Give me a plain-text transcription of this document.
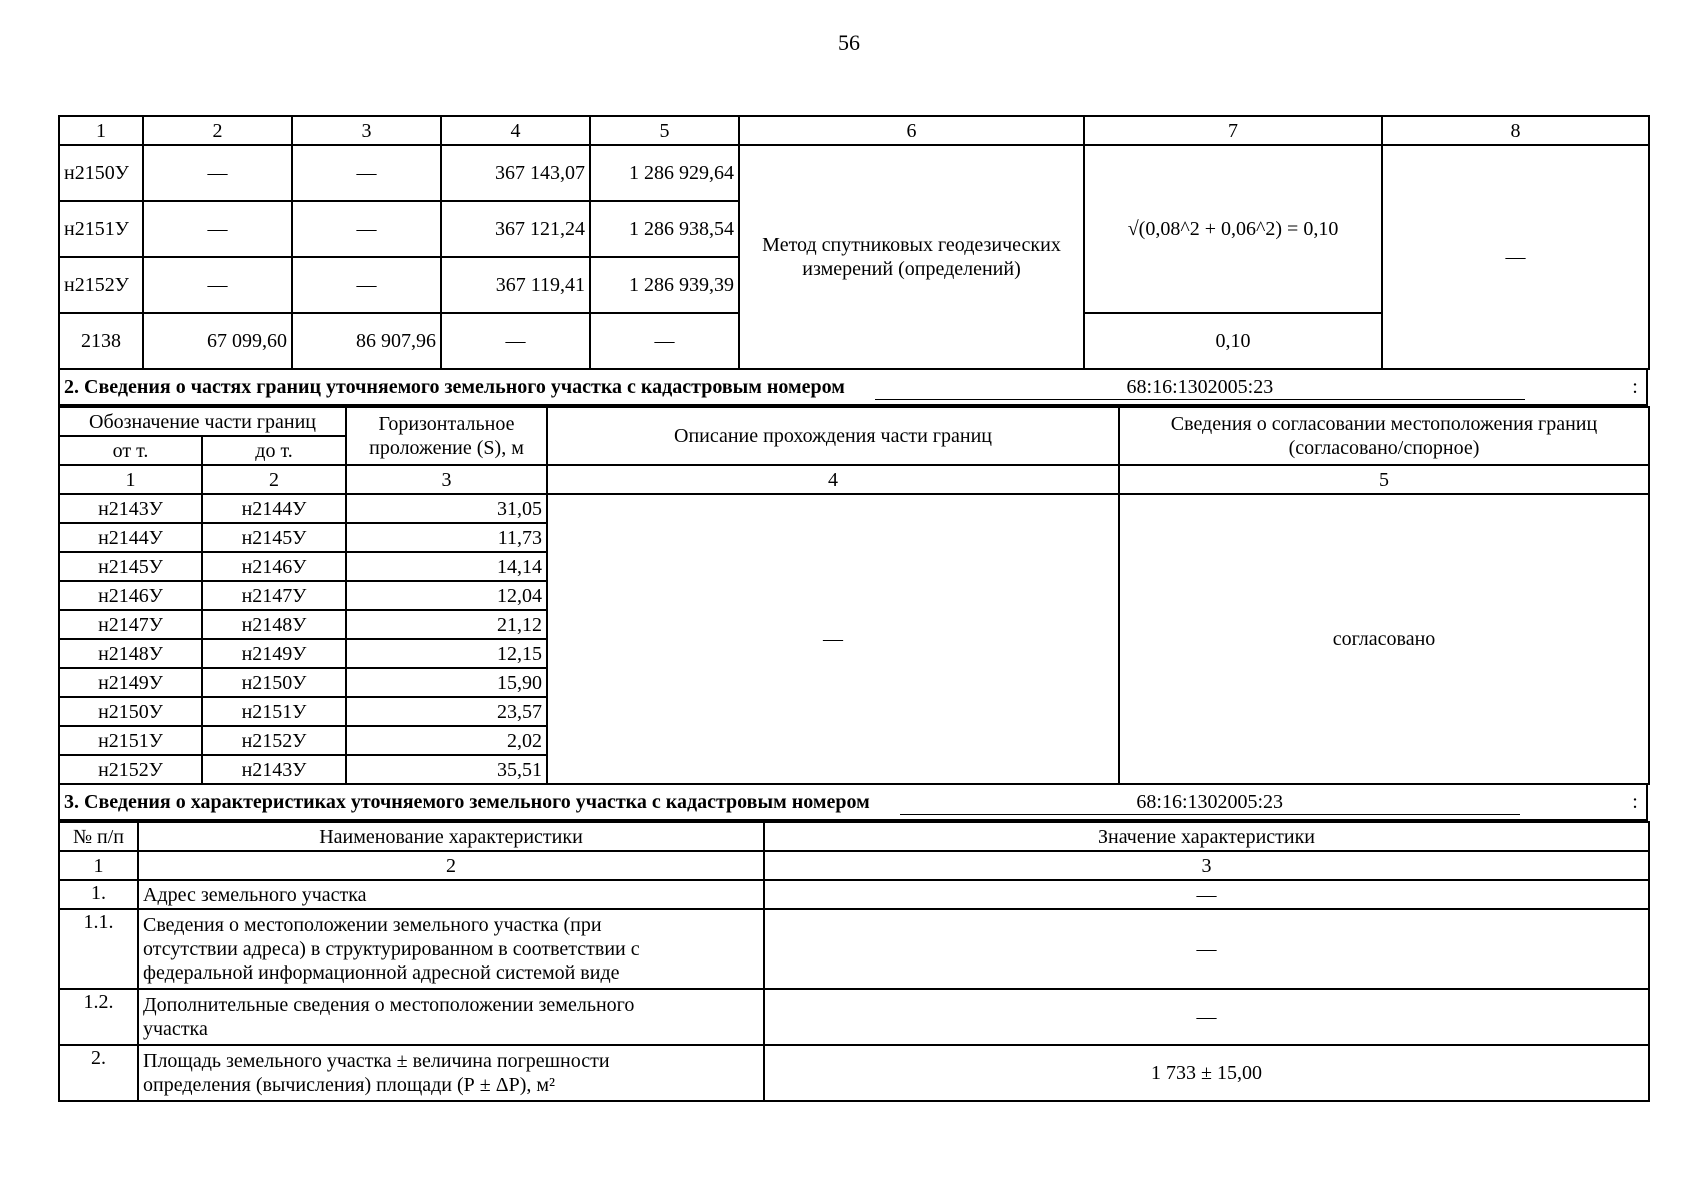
56
1	2	3	4	5	6	7	8
н2150У	—	—	367 143,07	1 286 929,64	Метод спутниковых геодезических измерений (определений)	√(0,08^2 + 0,06^2) = 0,10	—
н2151У	—	—	367 121,24	1 286 938,54			
н2152У	—	—	367 119,41	1 286 939,39			
2138	67 099,60	86 907,96	—	—		0,10	
2. Сведения о частях границ уточняемого земельного участка с кадастровым номером	68:16:1302005:23	:
Обозначение части границ		Горизонтальное проложение (S), м	Описание прохождения части границ	Сведения о согласовании местоположения границ (согласовано/спорное)
от т.	до т.			
1	2	3	4	5
н2143У	н2144У	31,05	—	согласовано
н2144У	н2145У	11,73		
н2145У	н2146У	14,14		
н2146У	н2147У	12,04		
н2147У	н2148У	21,12		
н2148У	н2149У	12,15		
н2149У	н2150У	15,90		
н2150У	н2151У	23,57		
н2151У	н2152У	2,02		
н2152У	н2143У	35,51		
3. Сведения о характеристиках уточняемого земельного участка с кадастровым номером	68:16:1302005:23	:
№ п/п	Наименование характеристики	Значение характеристики
1	2	3
1.	Адрес земельного участка	—
1.1.	Сведения о местоположении земельного участка (при
отсутствии адреса) в структурированном в соответствии с
федеральной информационной адресной системой виде	—
1.2.	Дополнительные сведения о местоположении земельного
участка	—
2.	Площадь земельного участка ± величина погрешности
определения (вычисления) площади (Р ± ΔР), м²	1 733 ± 15,00
